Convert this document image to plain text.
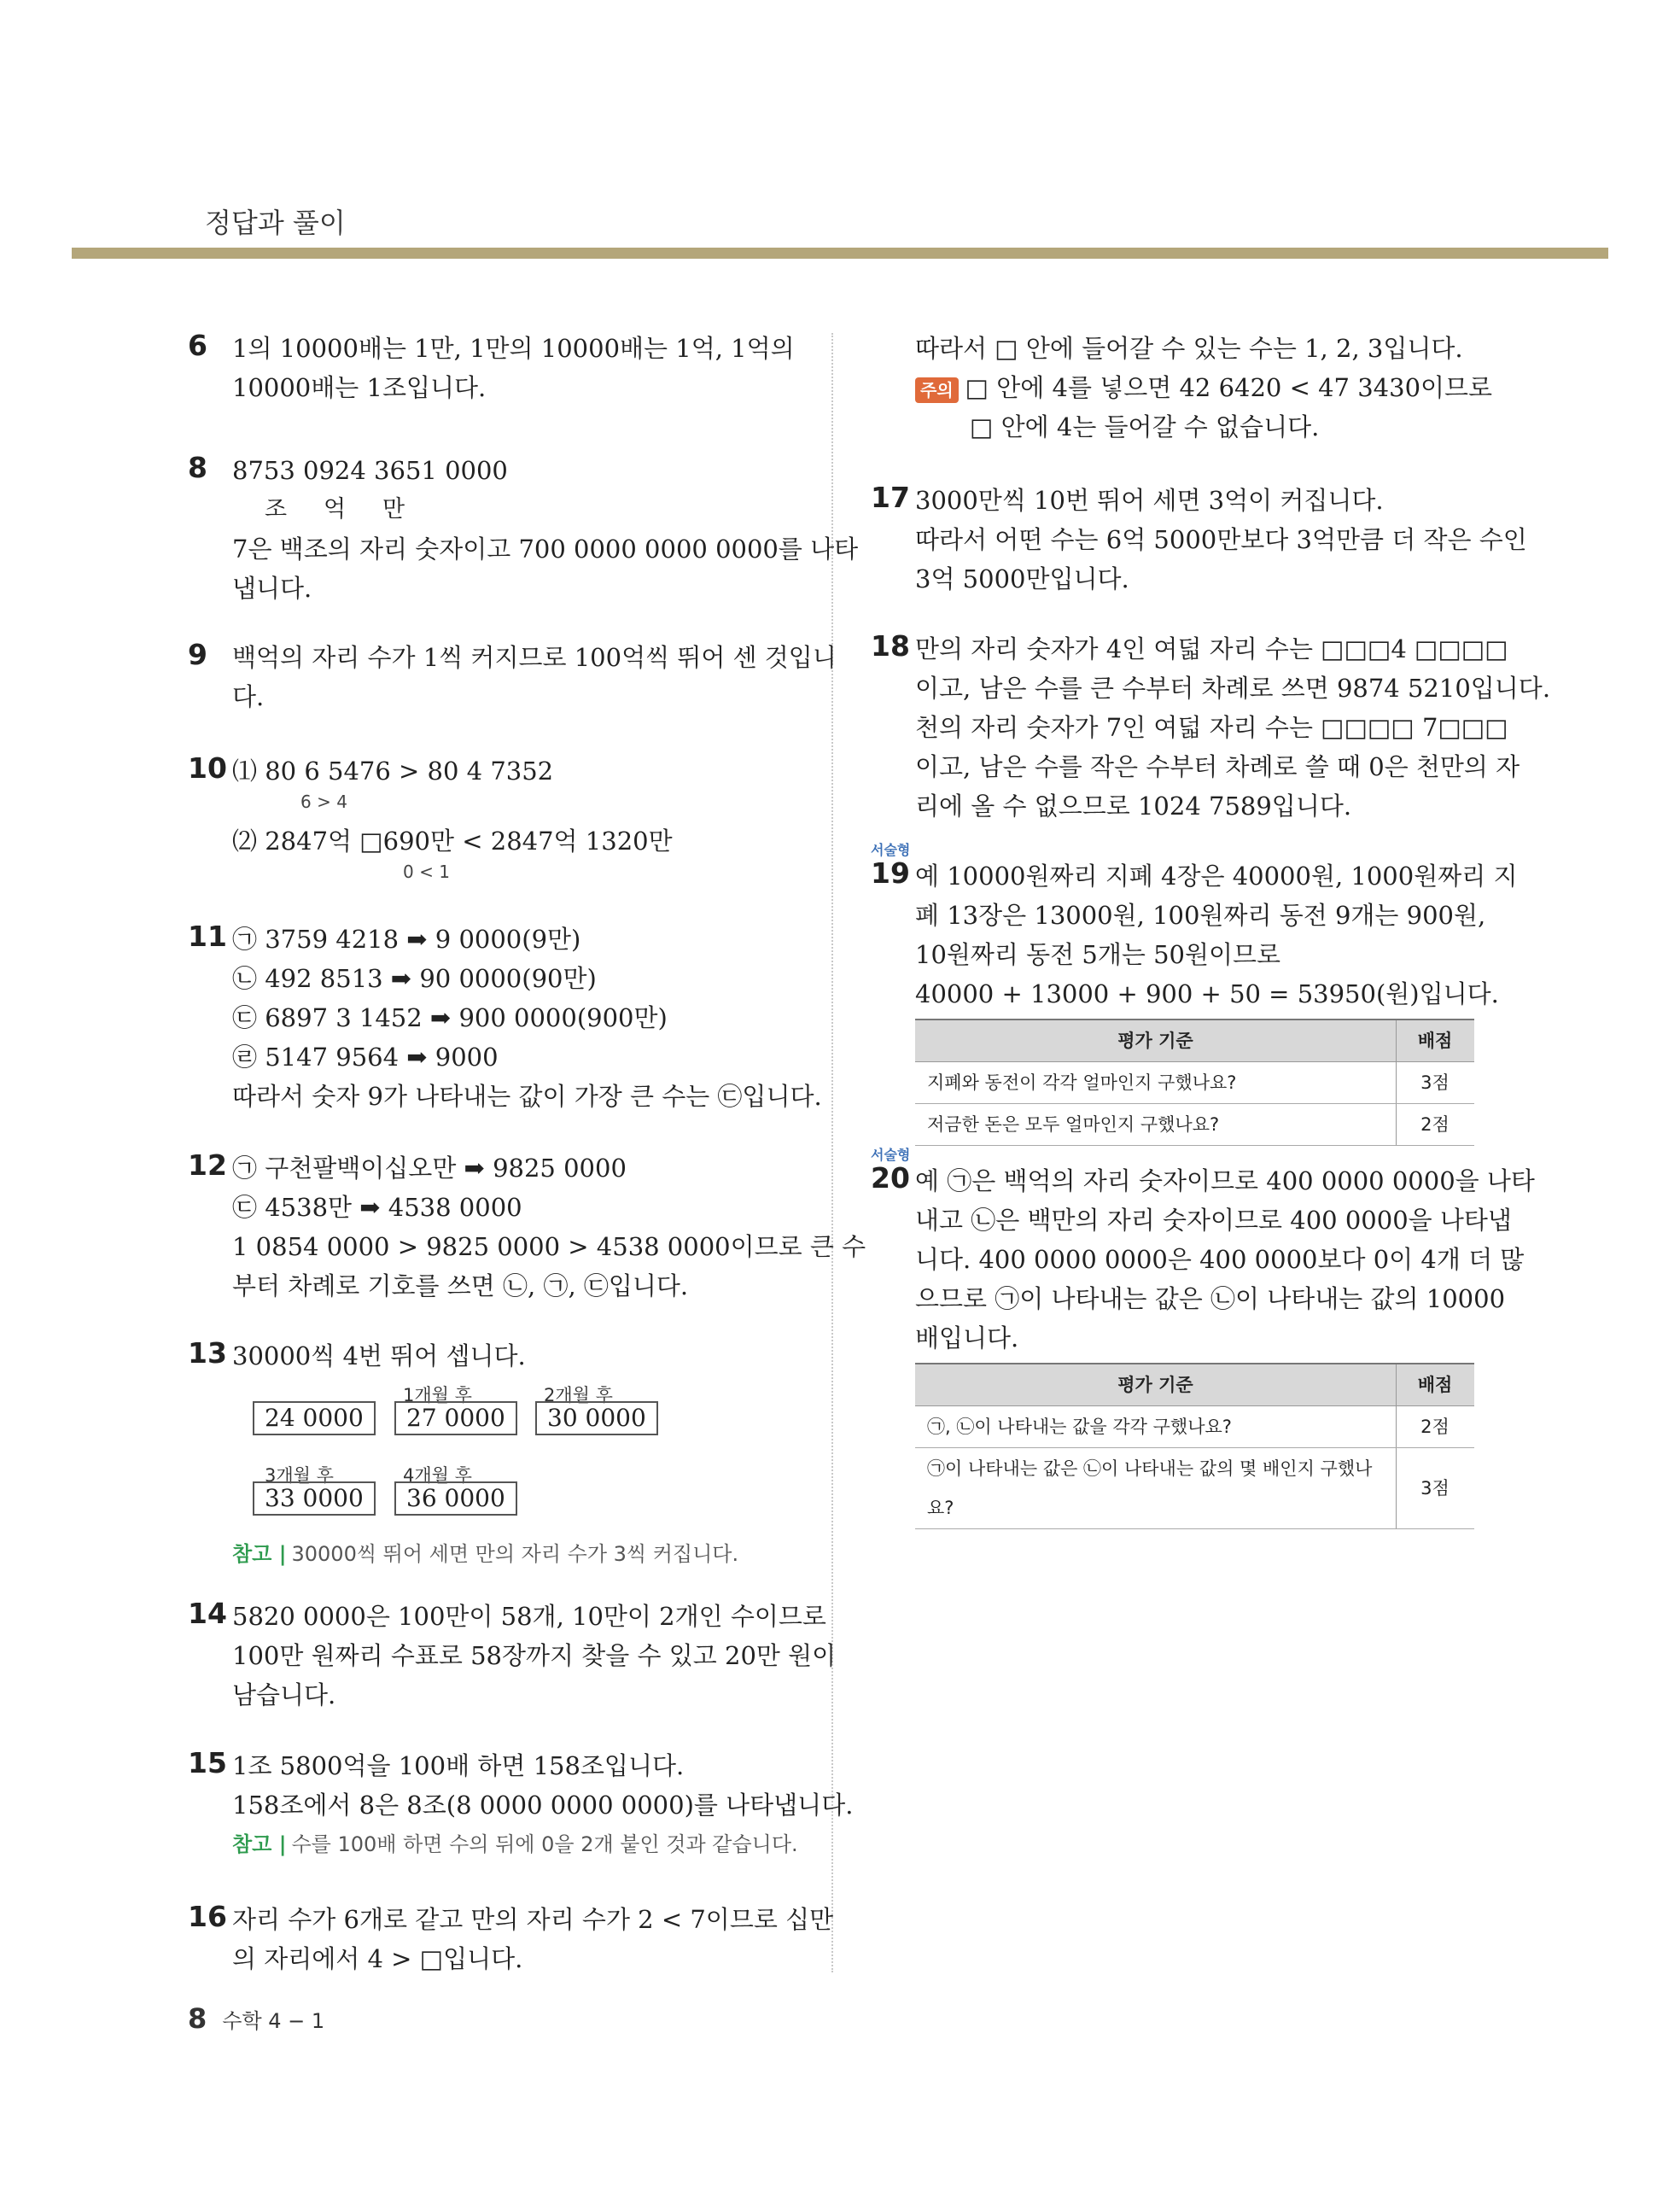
정답과 풀이
6 1의 10000배는 1만, 1만의 10000배는 1억, 1억의

10000배는 1조입니다.

8 8753 0924 3651 0000

조     억     만

7은 백조의 자리 숫자이고 700 0000 0000 0000를 나타

냅니다.

9 백억의 자리 수가 1씩 커지므로 100억씩 뛰어 센 것입니

다.

10 ⑴ 80 6 5476 > 80 4 7352

6 > 4

⑵ 2847억 □690만 < 2847억 1320만

0 < 1

11 ㉠ 3759 4218 ➡ 9 0000(9만)

㉡ 492 8513 ➡ 90 0000(90만)

㉢ 6897 3 1452 ➡ 900 0000(900만)

㉣ 5147 9564 ➡ 9000

따라서 숫자 9가 나타내는 값이 가장 큰 수는 ㉢입니다.

12 ㉠ 구천팔백이십오만 ➡ 9825 0000

㉢ 4538만 ➡ 4538 0000

1 0854 0000 > 9825 0000 > 4538 0000이므로 큰 수

부터 차례로 기호를 쓰면 ㉡, ㉠, ㉢입니다.

13 30000씩 4번 뛰어 셉니다.

1개월 후	2개월 후
24 0000	27 0000	30 0000
3개월 후	4개월 후
33 0000	36 0000

참고 | 30000씩 뛰어 세면 만의 자리 수가 3씩 커집니다.

14 5820 0000은 100만이 58개, 10만이 2개인 수이므로

100만 원짜리 수표로 58장까지 찾을 수 있고 20만 원이

남습니다.

15 1조 5800억을 100배 하면 158조입니다.

158조에서 8은 8조(8 0000 0000 0000)를 나타냅니다.

참고 | 수를 100배 하면 수의 뒤에 0을 2개 붙인 것과 같습니다.

16 자리 수가 6개로 같고 만의 자리 수가 2 < 7이므로 십만

의 자리에서 4 > □입니다.

따라서 □ 안에 들어갈 수 있는 수는 1, 2, 3입니다.

주의 □ 안에 4를 넣으면 42 6420 < 47 3430이므로

□ 안에 4는 들어갈 수 없습니다.

17 3000만씩 10번 뛰어 세면 3억이 커집니다.

따라서 어떤 수는 6억 5000만보다 3억만큼 더 작은 수인

3억 5000만입니다.

18 만의 자리 숫자가 4인 여덟 자리 수는 □□□4 □□□□

이고, 남은 수를 큰 수부터 차례로 쓰면 9874 5210입니다.

천의 자리 숫자가 7인 여덟 자리 수는 □□□□ 7□□□

이고, 남은 수를 작은 수부터 차례로 쓸 때 0은 천만의 자

리에 올 수 없으므로 1024 7589입니다.

서술형
19 예 10000원짜리 지폐 4장은 40000원, 1000원짜리 지

폐 13장은 13000원, 100원짜리 동전 9개는 900원,

10원짜리 동전 5개는 50원이므로

40000 + 13000 + 900 + 50 = 53950(원)입니다.

평가 기준	배점
지폐와 동전이 각각 얼마인지 구했나요?	3점
저금한 돈은 모두 얼마인지 구했나요?	2점
서술형
20 예 ㉠은 백억의 자리 숫자이므로 400 0000 0000을 나타

내고 ㉡은 백만의 자리 숫자이므로 400 0000을 나타냅

니다. 400 0000 0000은 400 0000보다 0이 4개 더 많

으므로 ㉠이 나타내는 값은 ㉡이 나타내는 값의 10000

배입니다.

평가 기준	배점
㉠, ㉡이 나타내는 값을 각각 구했나요?	2점
㉠이 나타내는 값은 ㉡이 나타내는 값의 몇 배인지 구했나요?	3점
8 수학 4 − 1
